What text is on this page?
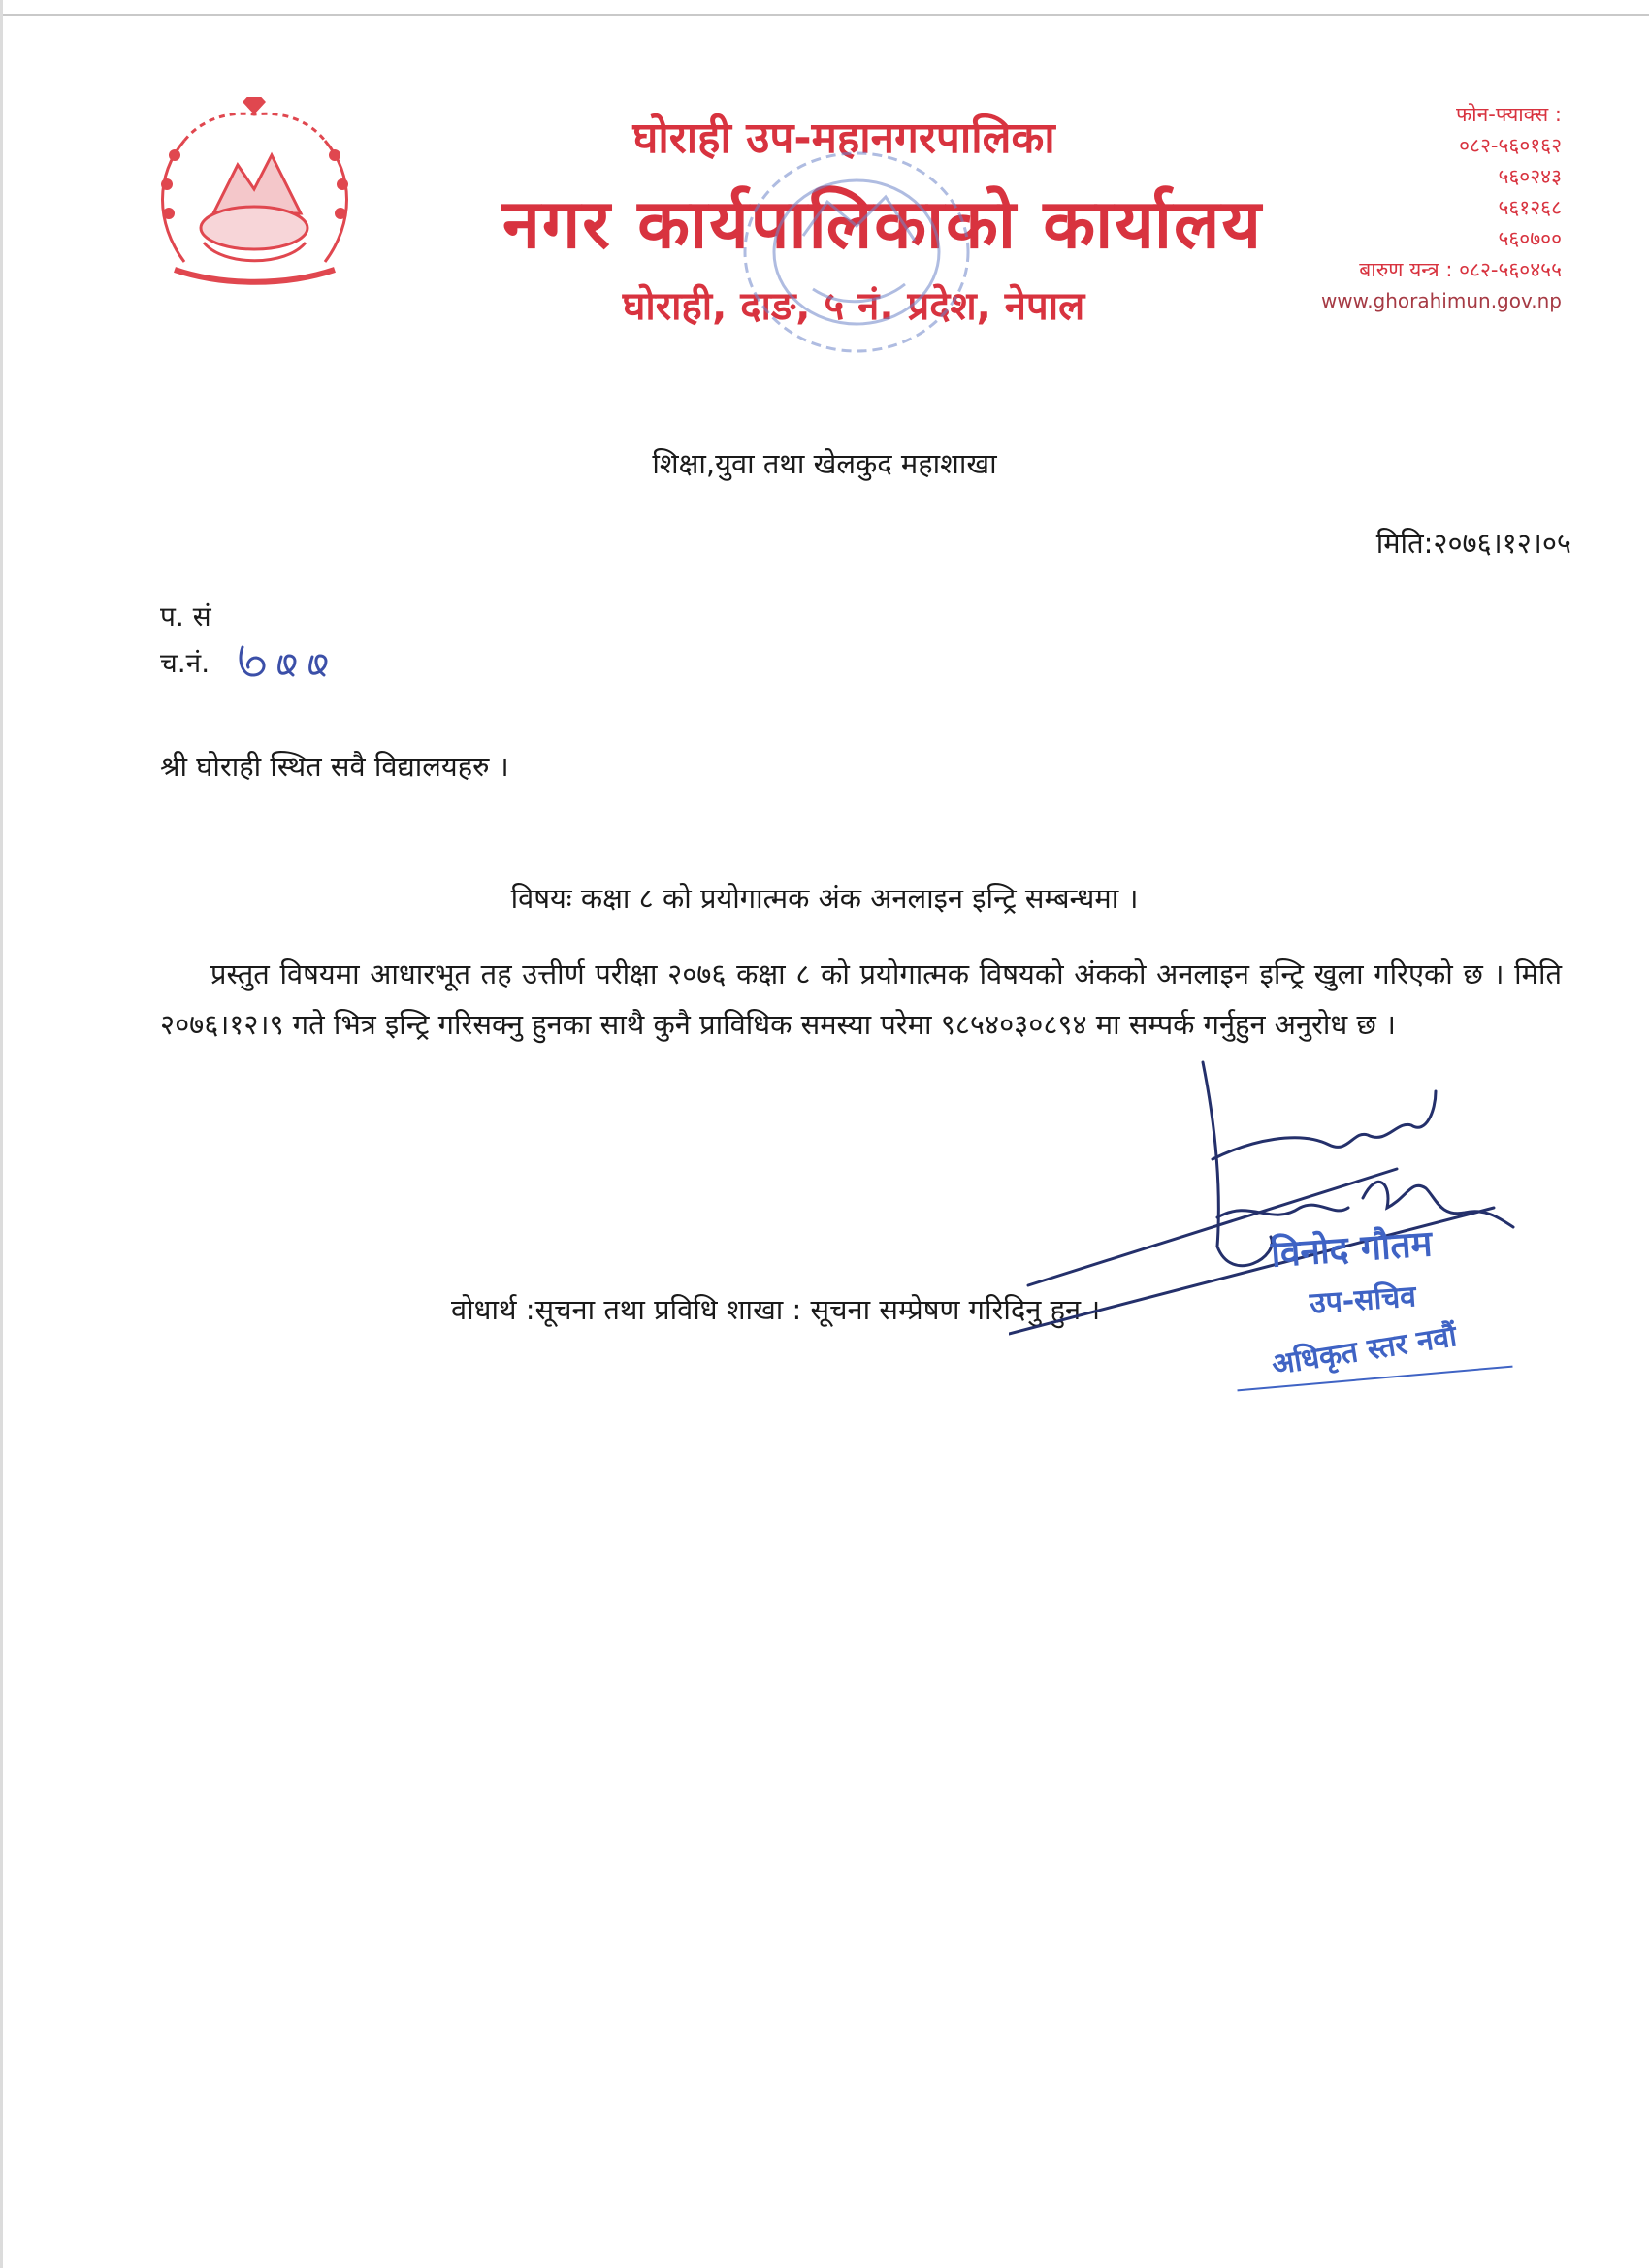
घोराही उप-महानगरपालिका
नगर कार्यपालिकाको कार्यालय
घोराही, दाङ, ५ नं. प्रदेश, नेपाल
फोन-फ्याक्स :
०८२-५६०१६२
५६०२४३
५६१२६८
५६०७००
बारुण यन्त्र : ०८२-५६०४५५
www.ghorahimun.gov.np
शिक्षा,युवा तथा खेलकुद महाशाखा
मिति:२०७६।१२।०५
प. सं
च.नं.
श्री घोराही स्थित सवै विद्यालयहरु ।
विषयः कक्षा ८ को प्रयोगात्मक अंक अनलाइन इन्ट्रि सम्बन्धमा ।
प्रस्तुत विषयमा आधारभूत तह उत्तीर्ण परीक्षा २०७६ कक्षा ८ को प्रयोगात्मक विषयको अंकको अनलाइन इन्ट्रि खुला गरिएको छ । मिति २०७६।१२।९ गते भित्र इन्ट्रि गरिसक्नु हुनका साथै कुनै प्राविधिक समस्या परेमा ९८५४०३०८९४ मा सम्पर्क गर्नुहुन अनुरोध छ ।
वोधार्थ :सूचना तथा प्रविधि शाखा : सूचना सम्प्रेषण गरिदिनु हुन ।
विनोद गौतम
उप-सचिव
अधिकृत स्तर नवौं
